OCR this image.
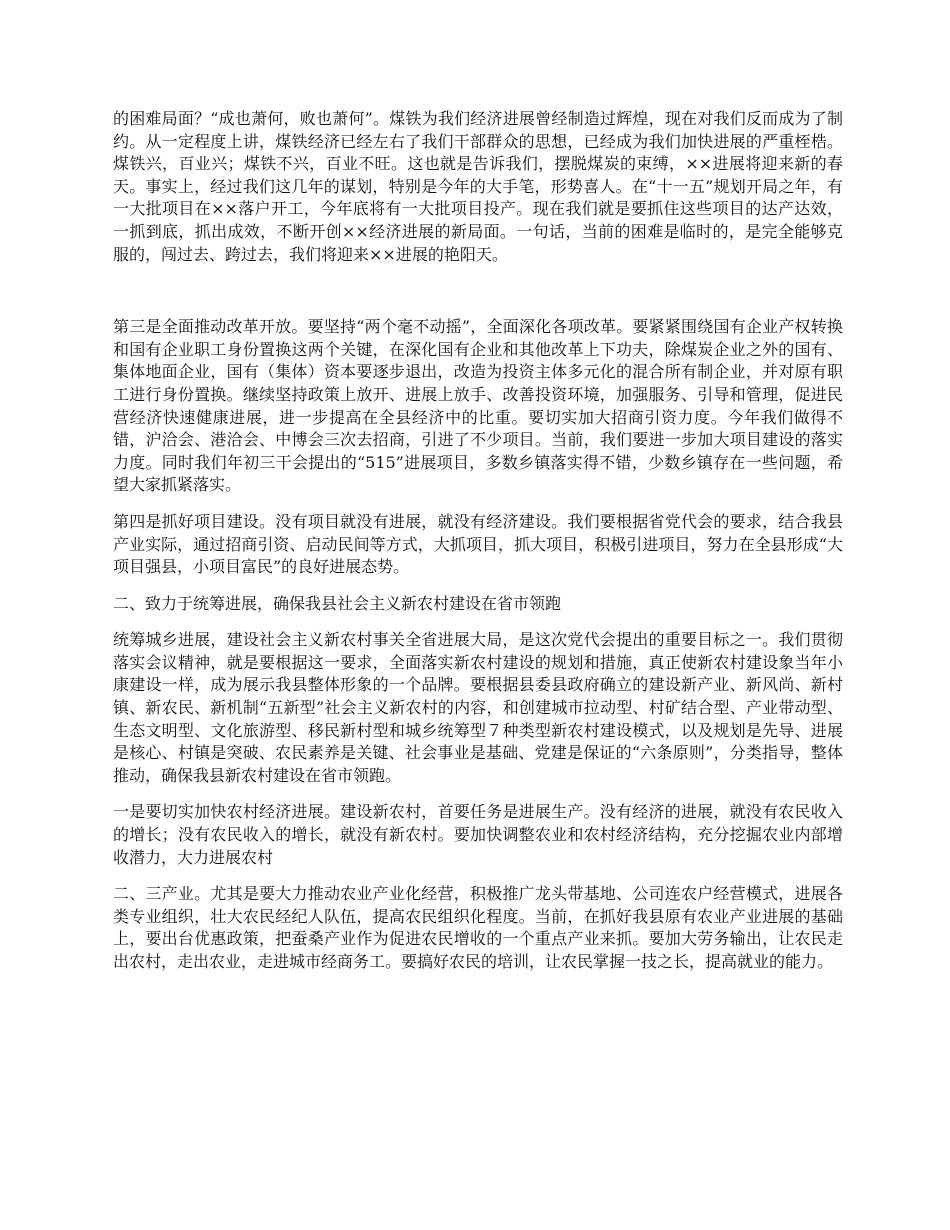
的困难局面？“成也萧何，败也萧何”。煤铁为我们经济进展曾经制造过辉煌，现在对我们反而成为了制约。从一定程度上讲，煤铁经济已经左右了我们干部群众的思想，已经成为我们加快进展的严重桎梏。煤铁兴，百业兴；煤铁不兴，百业不旺。这也就是告诉我们，摆脱煤炭的束缚，××进展将迎来新的春天。事实上，经过我们这几年的谋划，特别是今年的大手笔，形势喜人。在“十一五”规划开局之年，有一大批项目在××落户开工，今年底将有一大批项目投产。现在我们就是要抓住这些项目的达产达效，一抓到底，抓出成效，不断开创××经济进展的新局面。一句话，当前的困难是临时的，是完全能够克服的，闯过去、跨过去，我们将迎来××进展的艳阳天。

第三是全面推动改革开放。要坚持“两个毫不动摇”，全面深化各项改革。要紧紧围绕国有企业产权转换和国有企业职工身份置换这两个关键，在深化国有企业和其他改革上下功夫，除煤炭企业之外的国有、集体地面企业，国有（集体）资本要逐步退出，改造为投资主体多元化的混合所有制企业，并对原有职工进行身份置换。继续坚持政策上放开、进展上放手、改善投资环境，加强服务、引导和管理，促进民营经济快速健康进展，进一步提高在全县经济中的比重。要切实加大招商引资力度。今年我们做得不错，沪洽会、港洽会、中博会三次去招商，引进了不少项目。当前，我们要进一步加大项目建设的落实力度。同时我们年初三干会提出的“515”进展项目，多数乡镇落实得不错，少数乡镇存在一些问题，希望大家抓紧落实。

第四是抓好项目建设。没有项目就没有进展，就没有经济建设。我们要根据省党代会的要求，结合我县产业实际，通过招商引资、启动民间等方式，大抓项目，抓大项目，积极引进项目，努力在全县形成“大项目强县，小项目富民”的良好进展态势。

二、致力于统筹进展，确保我县社会主义新农村建设在省市领跑

统筹城乡进展，建设社会主义新农村事关全省进展大局，是这次党代会提出的重要目标之一。我们贯彻落实会议精神，就是要根据这一要求，全面落实新农村建设的规划和措施，真正使新农村建设象当年小康建设一样，成为展示我县整体形象的一个品牌。要根据县委县政府确立的建设新产业、新风尚、新村镇、新农民、新机制“五新型”社会主义新农村的内容，和创建城市拉动型、村矿结合型、产业带动型、生态文明型、文化旅游型、移民新村型和城乡统筹型７种类型新农村建设模式，以及规划是先导、进展是核心、村镇是突破、农民素养是关键、社会事业是基础、党建是保证的“六条原则”，分类指导，整体推动，确保我县新农村建设在省市领跑。

一是要切实加快农村经济进展。建设新农村，首要任务是进展生产。没有经济的进展，就没有农民收入的增长；没有农民收入的增长，就没有新农村。要加快调整农业和农村经济结构，充分挖掘农业内部增收潜力，大力进展农村

二、三产业。尤其是要大力推动农业产业化经营，积极推广龙头带基地、公司连农户经营模式，进展各类专业组织，壮大农民经纪人队伍，提高农民组织化程度。当前，在抓好我县原有农业产业进展的基础上，要出台优惠政策，把蚕桑产业作为促进农民增收的一个重点产业来抓。要加大劳务输出，让农民走出农村，走出农业，走进城市经商务工。要搞好农民的培训，让农民掌握一技之长，提高就业的能力。
